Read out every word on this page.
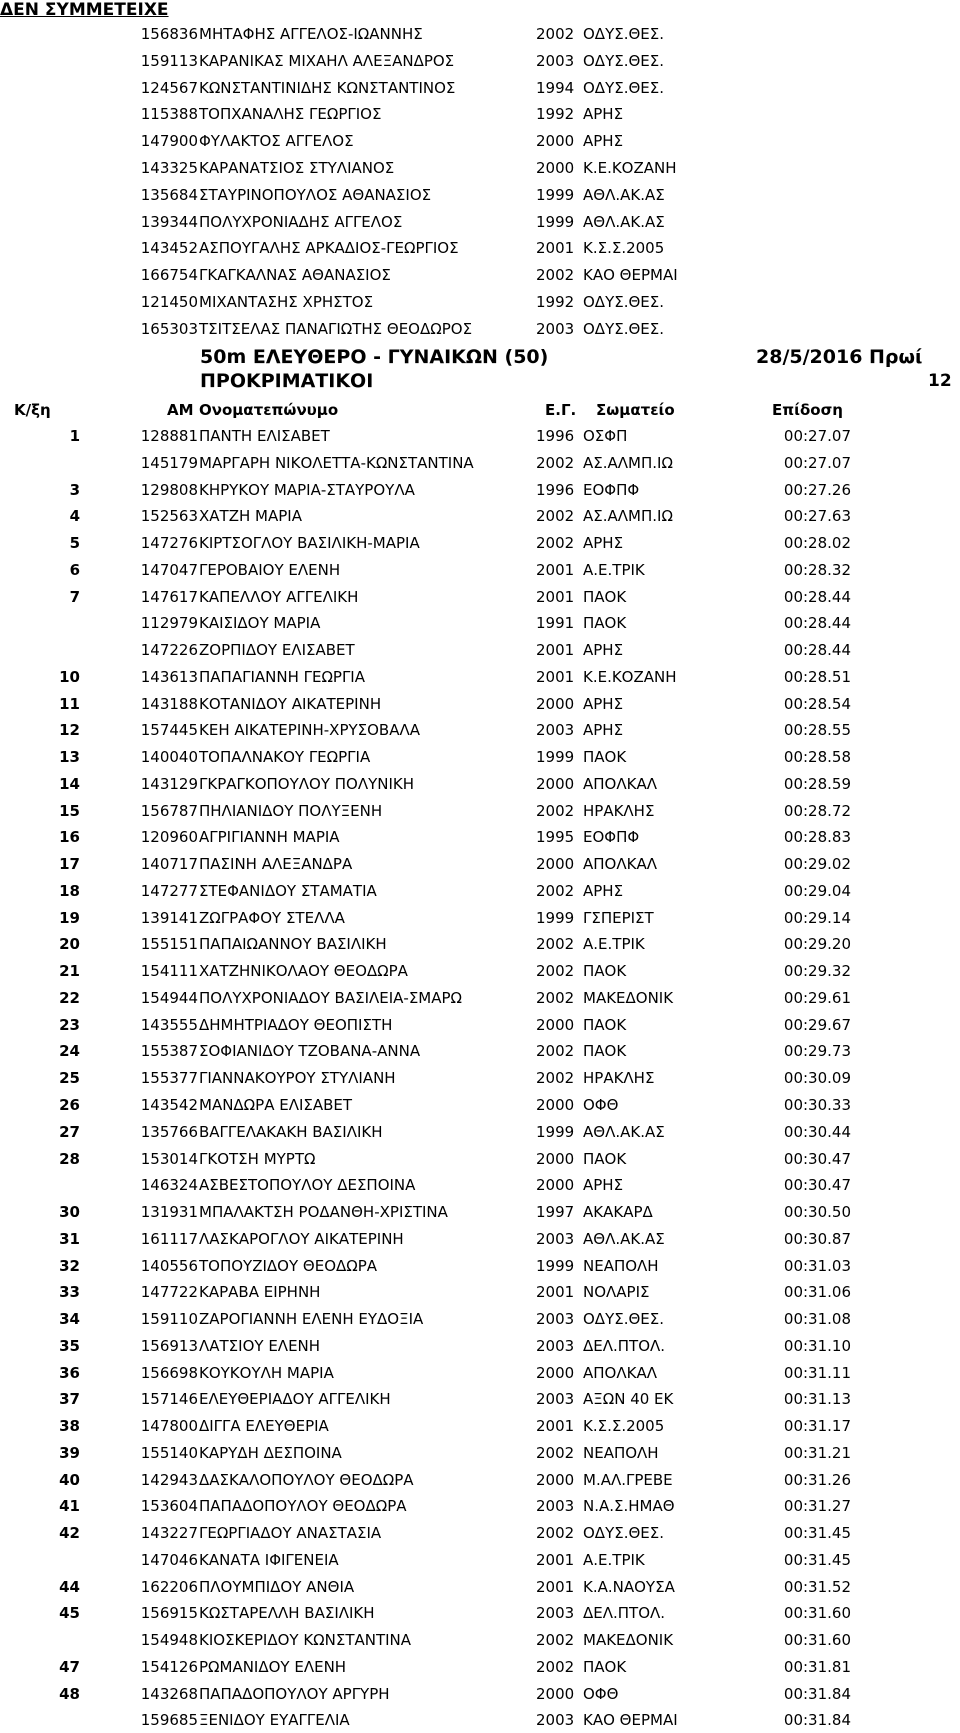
ΔΕΝ ΣΥΜΜΕΤΕΙΧΕ
156836 ΜΗΤΑΦΗΣ ΑΓΓΕΛΟΣ-ΙΩΑΝΝΗΣ	2002 ΟΔΥΣ.ΘΕΣ.
159113 ΚΑΡΑΝΙΚΑΣ ΜΙΧΑΗΛ ΑΛΕΞΑΝΔΡΟΣ	2003 ΟΔΥΣ.ΘΕΣ.
124567 ΚΩΝΣΤΑΝΤΙΝΙΔΗΣ ΚΩΝΣΤΑΝΤΙΝΟΣ	1994 ΟΔΥΣ.ΘΕΣ.
115388 ΤΟΠΧΑΝΑΛΗΣ ΓΕΩΡΓΙΟΣ	1992 ΑΡΗΣ
147900 ΦΥΛΑΚΤΟΣ ΑΓΓΕΛΟΣ	2000 ΑΡΗΣ
143325 ΚΑΡΑΝΑΤΣΙΟΣ ΣΤΥΛΙΑΝΟΣ	2000 Κ.Ε.ΚΟΖΑΝΗ
135684 ΣΤΑΥΡΙΝΟΠΟΥΛΟΣ ΑΘΑΝΑΣΙΟΣ	1999 ΑΘΛ.ΑΚ.ΑΣ
139344 ΠΟΛΥΧΡΟΝΙΑΔΗΣ ΑΓΓΕΛΟΣ	1999 ΑΘΛ.ΑΚ.ΑΣ
143452 ΑΣΠΟΥΓΑΛΗΣ ΑΡΚΑΔΙΟΣ-ΓΕΩΡΓΙΟΣ	2001 Κ.Σ.Σ.2005
166754 ΓΚΑΓΚΑΛΝΑΣ ΑΘΑΝΑΣΙΟΣ	2002 ΚΑΟ ΘΕΡΜΑΙ
121450 ΜΙΧΑΝΤΑΣΗΣ ΧΡΗΣΤΟΣ	1992 ΟΔΥΣ.ΘΕΣ.
165303 ΤΣΙΤΣΕΛΑΣ ΠΑΝΑΓΙΩΤΗΣ ΘΕΟΔΩΡΟΣ	2003 ΟΔΥΣ.ΘΕΣ.
50m ΕΛΕΥΘΕΡΟ - ΓΥΝΑΙΚΩΝ (50)
ΠΡΟΚΡΙΜΑΤΙΚΟΙ
28/5/2016 Πρωί
12
Κ/ξη	ΑΜ Ονοματεπώνυμο	Ε.Γ. Σωματείο	Επίδοση
1	128881 ΠΑΝΤΗ ΕΛΙΣΑΒΕΤ	1996 ΟΣΦΠ	00:27.07
145179 ΜΑΡΓΑΡΗ ΝΙΚΟΛΕΤΤΑ-ΚΩΝΣΤΑΝΤΙΝΑ	2002 ΑΣ.ΑΛΜΠ.ΙΩ	00:27.07
3	129808 ΚΗΡΥΚΟΥ ΜΑΡΙΑ-ΣΤΑΥΡΟΥΛΑ	1996 ΕΟΦΠΦ	00:27.26
4	152563 ΧΑΤΖΗ ΜΑΡΙΑ	2002 ΑΣ.ΑΛΜΠ.ΙΩ	00:27.63
5	147276 ΚΙΡΤΣΟΓΛΟΥ ΒΑΣΙΛΙΚΗ-ΜΑΡΙΑ	2002 ΑΡΗΣ	00:28.02
6	147047 ΓΕΡΟΒΑΙΟΥ ΕΛΕΝΗ	2001 Α.Ε.ΤΡΙΚ	00:28.32
7	147617 ΚΑΠΕΛΛΟΥ ΑΓΓΕΛΙΚΗ	2001 ΠΑΟΚ	00:28.44
112979 ΚΑΙΣΙΔΟΥ ΜΑΡΙΑ	1991 ΠΑΟΚ	00:28.44
147226 ΖΟΡΠΙΔΟΥ ΕΛΙΣΑΒΕΤ	2001 ΑΡΗΣ	00:28.44
10	143613 ΠΑΠΑΓΙΑΝΝΗ ΓΕΩΡΓΙΑ	2001 Κ.Ε.ΚΟΖΑΝΗ	00:28.51
11	143188 ΚΟΤΑΝΙΔΟΥ ΑΙΚΑΤΕΡΙΝΗ	2000 ΑΡΗΣ	00:28.54
12	157445 ΚΕΗ ΑΙΚΑΤΕΡΙΝΗ-ΧΡΥΣΟΒΑΛΑ	2003 ΑΡΗΣ	00:28.55
13	140040 ΤΟΠΑΛΝΑΚΟΥ ΓΕΩΡΓΙΑ	1999 ΠΑΟΚ	00:28.58
14	143129 ΓΚΡΑΓΚΟΠΟΥΛΟΥ ΠΟΛΥΝΙΚΗ	2000 ΑΠΟΛΚΑΛ	00:28.59
15	156787 ΠΗΛΙΑΝΙΔΟΥ ΠΟΛΥΞΕΝΗ	2002 ΗΡΑΚΛΗΣ	00:28.72
16	120960 ΑΓΡΙΓΙΑΝΝΗ ΜΑΡΙΑ	1995 ΕΟΦΠΦ	00:28.83
17	140717 ΠΑΣΙΝΗ ΑΛΕΞΑΝΔΡΑ	2000 ΑΠΟΛΚΑΛ	00:29.02
18	147277 ΣΤΕΦΑΝΙΔΟΥ ΣΤΑΜΑΤΙΑ	2002 ΑΡΗΣ	00:29.04
19	139141 ΖΩΓΡΑΦΟΥ ΣΤΕΛΛΑ	1999 ΓΣΠΕΡΙΣΤ	00:29.14
20	155151 ΠΑΠΑΙΩΑΝΝΟΥ ΒΑΣΙΛΙΚΗ	2002 Α.Ε.ΤΡΙΚ	00:29.20
21	154111 ΧΑΤΖΗΝΙΚΟΛΑΟΥ ΘΕΟΔΩΡΑ	2002 ΠΑΟΚ	00:29.32
22	154944 ΠΟΛΥΧΡΟΝΙΑΔΟΥ ΒΑΣΙΛΕΙΑ-ΣΜΑΡΩ	2002 ΜΑΚΕΔΟΝΙΚ	00:29.61
23	143555 ΔΗΜΗΤΡΙΑΔΟΥ ΘΕΟΠΙΣΤΗ	2000 ΠΑΟΚ	00:29.67
24	155387 ΣΟΦΙΑΝΙΔΟΥ ΤΖΟΒΑΝΑ-ΑΝΝΑ	2002 ΠΑΟΚ	00:29.73
25	155377 ΓΙΑΝΝΑΚΟΥΡΟΥ ΣΤΥΛΙΑΝΗ	2002 ΗΡΑΚΛΗΣ	00:30.09
26	143542 ΜΑΝΔΩΡΑ ΕΛΙΣΑΒΕΤ	2000 ΟΦΘ	00:30.33
27	135766 ΒΑΓΓΕΛΑΚΑΚΗ ΒΑΣΙΛΙΚΗ	1999 ΑΘΛ.ΑΚ.ΑΣ	00:30.44
28	153014 ΓΚΟΤΣΗ ΜΥΡΤΩ	2000 ΠΑΟΚ	00:30.47
146324 ΑΣΒΕΣΤΟΠΟΥΛΟΥ ΔΕΣΠΟΙΝΑ	2000 ΑΡΗΣ	00:30.47
30	131931 ΜΠΑΛΑΚΤΣΗ ΡΟΔΑΝΘΗ-ΧΡΙΣΤΙΝΑ	1997 ΑΚΑΚΑΡΔ	00:30.50
31	161117 ΛΑΣΚΑΡΟΓΛΟΥ ΑΙΚΑΤΕΡΙΝΗ	2003 ΑΘΛ.ΑΚ.ΑΣ	00:30.87
32	140556 ΤΟΠΟΥΖΙΔΟΥ ΘΕΟΔΩΡΑ	1999 ΝΕΑΠΟΛΗ	00:31.03
33	147722 ΚΑΡΑΒΑ ΕΙΡΗΝΗ	2001 ΝΟΛΑΡΙΣ	00:31.06
34	159110 ΖΑΡΟΓΙΑΝΝΗ ΕΛΕΝΗ ΕΥΔΟΞΙΑ	2003 ΟΔΥΣ.ΘΕΣ.	00:31.08
35	156913 ΛΑΤΣΙΟΥ ΕΛΕΝΗ	2003 ΔΕΛ.ΠΤΟΛ.	00:31.10
36	156698 ΚΟΥΚΟΥΛΗ ΜΑΡΙΑ	2000 ΑΠΟΛΚΑΛ	00:31.11
37	157146 ΕΛΕΥΘΕΡΙΑΔΟΥ ΑΓΓΕΛΙΚΗ	2003 ΑΞΩΝ 40 ΕΚ	00:31.13
38	147800 ΔΙΓΓΑ ΕΛΕΥΘΕΡΙΑ	2001 Κ.Σ.Σ.2005	00:31.17
39	155140 ΚΑΡΥΔΗ ΔΕΣΠΟΙΝΑ	2002 ΝΕΑΠΟΛΗ	00:31.21
40	142943 ΔΑΣΚΑΛΟΠΟΥΛΟΥ ΘΕΟΔΩΡΑ	2000 Μ.ΑΛ.ΓΡΕΒΕ	00:31.26
41	153604 ΠΑΠΑΔΟΠΟΥΛΟΥ ΘΕΟΔΩΡΑ	2003 Ν.Α.Σ.ΗΜΑΘ	00:31.27
42	143227 ΓΕΩΡΓΙΑΔΟΥ ΑΝΑΣΤΑΣΙΑ	2002 ΟΔΥΣ.ΘΕΣ.	00:31.45
147046 ΚΑΝΑΤΑ ΙΦΙΓΕΝΕΙΑ	2001 Α.Ε.ΤΡΙΚ	00:31.45
44	162206 ΠΛΟΥΜΠΙΔΟΥ ΑΝΘΙΑ	2001 Κ.Α.ΝΑΟΥΣΑ	00:31.52
45	156915 ΚΩΣΤΑΡΕΛΛΗ ΒΑΣΙΛΙΚΗ	2003 ΔΕΛ.ΠΤΟΛ.	00:31.60
154948 ΚΙΟΣΚΕΡΙΔΟΥ ΚΩΝΣΤΑΝΤΙΝΑ	2002 ΜΑΚΕΔΟΝΙΚ	00:31.60
47	154126 ΡΩΜΑΝΙΔΟΥ ΕΛΕΝΗ	2002 ΠΑΟΚ	00:31.81
48	143268 ΠΑΠΑΔΟΠΟΥΛΟΥ ΑΡΓΥΡΗ	2000 ΟΦΘ	00:31.84
159685 ΞΕΝΙΔΟΥ ΕΥΑΓΓΕΛΙΑ	2003 ΚΑΟ ΘΕΡΜΑΙ	00:31.84
